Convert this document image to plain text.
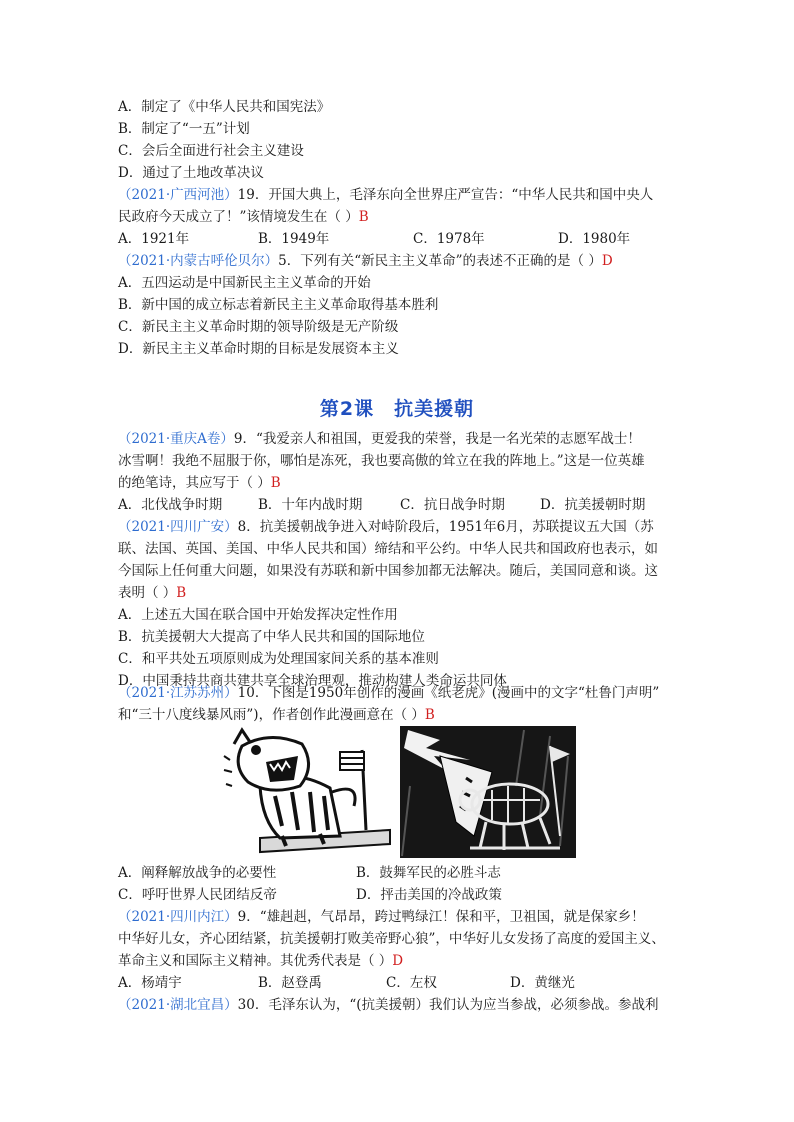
A．制定了《中华人民共和国宪法》
B．制定了“一五”计划
C．会后全面进行社会主义建设
D．通过了土地改革决议
（2021·广西河池）19．开国大典上，毛泽东向全世界庄严宣告：“中华人民共和国中央人
民政府今天成立了！”该情境发生在（ ）B
A．1921年	B．1949年	C．1978年	D．1980年
（2021·内蒙古呼伦贝尔）5．下列有关“新民主主义革命”的表述不正确的是（ ）D
A．五四运动是中国新民主主义革命的开始
B．新中国的成立标志着新民主主义革命取得基本胜利
C．新民主主义革命时期的领导阶级是无产阶级
D．新民主主义革命时期的目标是发展资本主义
第2课　抗美援朝
（2021·重庆A卷）9．“我爱亲人和祖国，更爱我的荣誉，我是一名光荣的志愿军战士！
冰雪啊！我绝不屈服于你，哪怕是冻死，我也要高傲的耸立在我的阵地上。”这是一位英雄
的绝笔诗，其应写于（ ）B
A．北伐战争时期	B．十年内战时期	C．抗日战争时期	D．抗美援朝时期
（2021·四川广安）8．抗美援朝战争进入对峙阶段后，1951年6月，苏联提议五大国（苏
联、法国、英国、美国、中华人民共和国）缔结和平公约。中华人民共和国政府也表示，如
今国际上任何重大问题，如果没有苏联和新中国参加都无法解决。随后，美国同意和谈。这
表明（ ）B
A．上述五大国在联合国中开始发挥决定性作用
B．抗美援朝大大提高了中华人民共和国的国际地位
C．和平共处五项原则成为处理国家间关系的基本准则
D．中国秉持共商共建共享全球治理观，推动构建人类命运共同体
（2021·江苏苏州）10．下图是1950年创作的漫画《纸老虎》(漫画中的文字“杜鲁门声明”
和“三十八度线暴风雨”)，作者创作此漫画意在（ ）B
A．阐释解放战争的必要性	B．鼓舞军民的必胜斗志
C．呼吁世界人民团结反帝	D．抨击美国的冷战政策
（2021·四川内江）9．“雄赳赳，气昂昂，跨过鸭绿江！保和平，卫祖国，就是保家乡！
中华好儿女，齐心团结紧，抗美援朝打败美帝野心狼”，中华好儿女发扬了高度的爱国主义、
革命主义和国际主义精神。其优秀代表是（ ）D
A．杨靖宇	B．赵登禹	C．左权	D．黄继光
（2021·湖北宜昌）30．毛泽东认为，“(抗美援朝）我们认为应当参战，必须参战。参战利
